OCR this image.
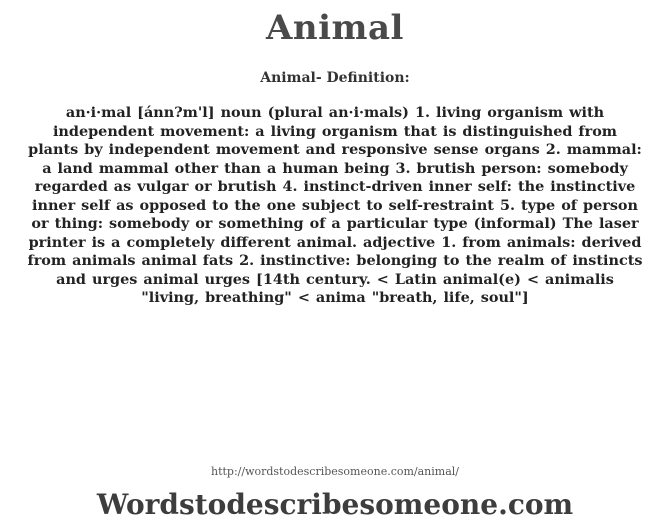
Animal
Animal- Definition:
an·i·mal [ánn?m'l] noun (plural an·i·mals) 1. living organism with independent movement: a living organism that is distinguished from plants by independent movement and responsive sense organs 2. mammal: a land mammal other than a human being 3. brutish person: somebody regarded as vulgar or brutish 4. instinct-driven inner self: the instinctive inner self as opposed to the one subject to self-restraint 5. type of person or thing: somebody or something of a particular type (informal) The laser printer is a completely different animal. adjective 1. from animals: derived from animals animal fats 2. instinctive: belonging to the realm of instincts and urges animal urges [14th century. < Latin animal(e) < animalis "living, breathing" < anima "breath, life, soul"]
http://wordstodescribesomeone.com/animal/
Wordstodescribesomeone.com
